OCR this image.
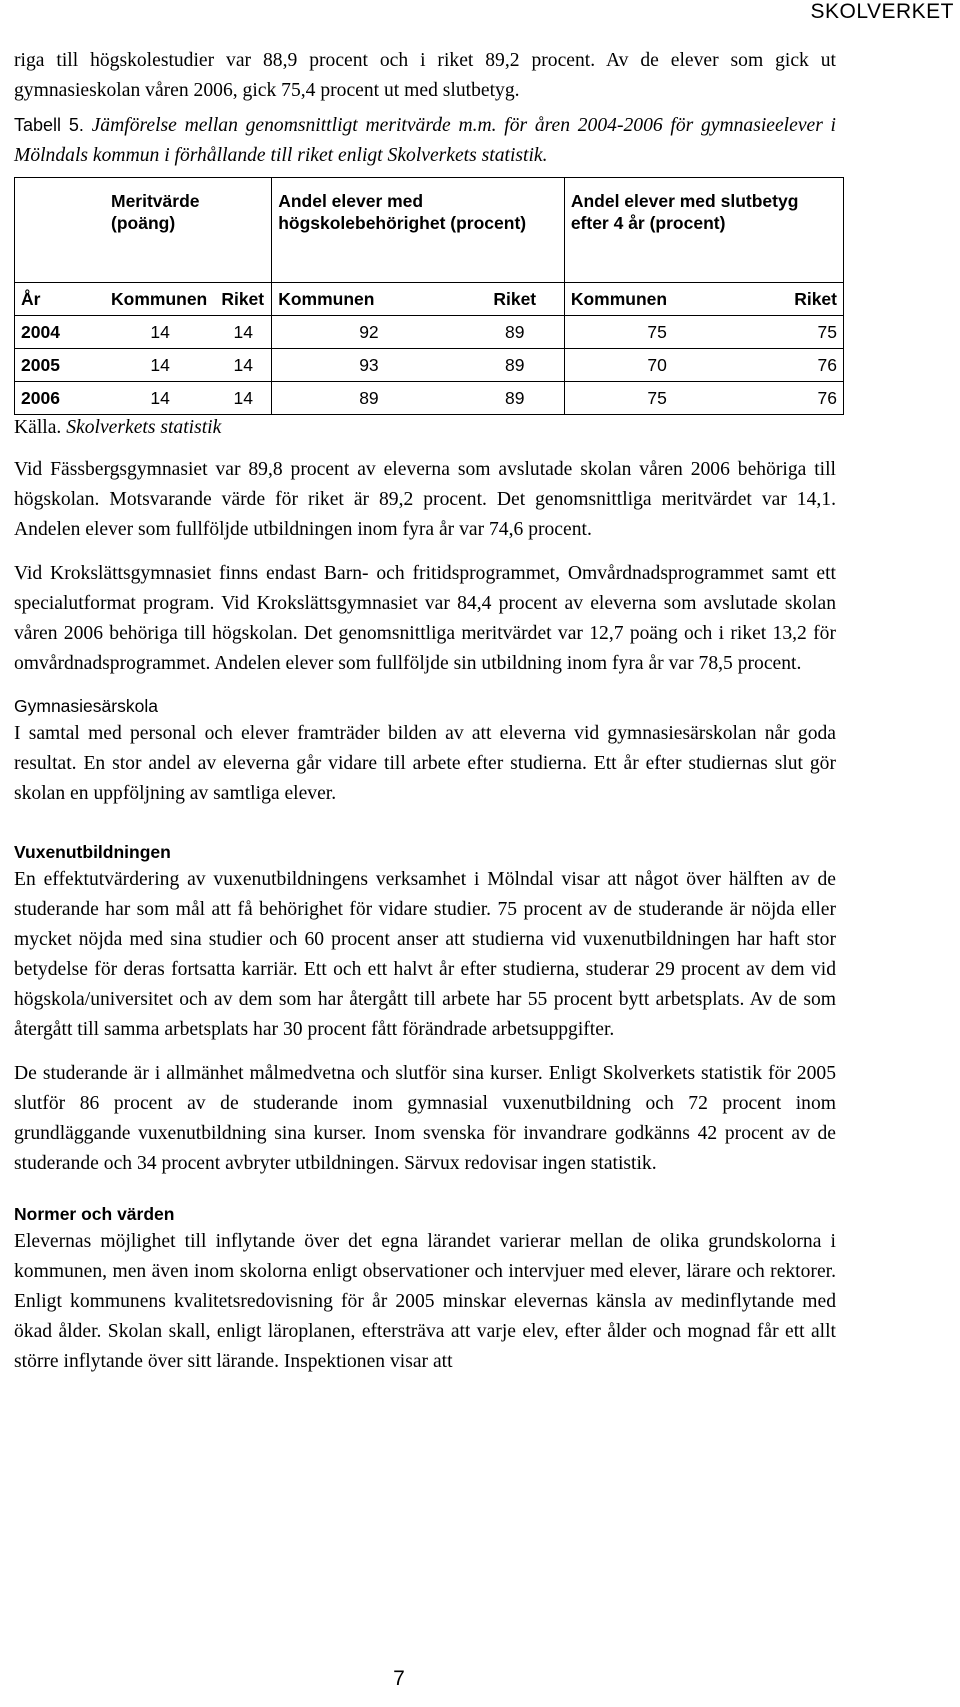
SKOLVERKET

riga till högskolestudier var 88,9 procent och i riket 89,2 procent. Av de elever som gick ut gymnasieskolan våren 2006, gick 75,4 procent ut med slutbetyg.

Tabell 5. Jämförelse mellan genomsnittligt meritvärde m.m. för åren 2004-2006 för gymnasieelever i Mölndals kommun i förhållande till riket enligt Skolverkets statistik.

	Meritvärde (poäng)		Andel elever med högskolebehörighet (procent)		Andel elever med slutbetyg efter 4 år (procent)	
År	Kommunen	Riket	Kommunen	Riket	Kommunen	Riket
2004	14	14	92	89	75	75
2005	14	14	93	89	70	76
2006	14	14	89	89	75	76
Källa. Skolverkets statistik

Vid Fässbergsgymnasiet var 89,8 procent av eleverna som avslutade skolan våren 2006 behöriga till högskolan. Motsvarande värde för riket är 89,2 procent. Det genomsnittliga meritvärdet var 14,1. Andelen elever som fullföljde utbildningen inom fyra år var 74,6 procent.

Vid Krokslättsgymnasiet finns endast Barn- och fritidsprogrammet, Omvårdnadsprogrammet samt ett specialutformat program. Vid Krokslättsgymnasiet var 84,4 procent av eleverna som avslutade skolan våren 2006 behöriga till högskolan. Det genomsnittliga meritvärdet var 12,7 poäng och i riket 13,2 för omvårdnadsprogrammet. Andelen elever som fullföljde sin utbildning inom fyra år var 78,5 procent.

Gymnasiesärskola

I samtal med personal och elever framträder bilden av att eleverna vid gymnasiesärskolan når goda resultat. En stor andel av eleverna går vidare till arbete efter studierna. Ett år efter studiernas slut gör skolan en uppföljning av samtliga elever.

Vuxenutbildningen

En effektutvärdering av vuxenutbildningens verksamhet i Mölndal visar att något över hälften av de studerande har som mål att få behörighet för vidare studier. 75 procent av de studerande är nöjda eller mycket nöjda med sina studier och 60 procent anser att studierna vid vuxenutbildningen har haft stor betydelse för deras fortsatta karriär. Ett och ett halvt år efter studierna, studerar 29 procent av dem vid högskola/universitet och av dem som har återgått till arbete har 55 procent bytt arbetsplats. Av de som återgått till samma arbetsplats har 30 procent fått förändrade arbetsuppgifter.

De studerande är i allmänhet målmedvetna och slutför sina kurser. Enligt Skolverkets statistik för 2005 slutför 86 procent av de studerande inom gymnasial vuxenutbildning och 72 procent inom grundläggande vuxenutbildning sina kurser. Inom svenska för invandrare godkänns 42 procent av de studerande och 34 procent avbryter utbildningen. Särvux redovisar ingen statistik.

Normer och värden

Elevernas möjlighet till inflytande över det egna lärandet varierar mellan de olika grundskolorna i kommunen, men även inom skolorna enligt observationer och intervjuer med elever, lärare och rektorer. Enligt kommunens kvalitetsredovisning för år 2005 minskar elevernas känsla av medinflytande med ökad ålder. Skolan skall, enligt läroplanen, eftersträva att varje elev, efter ålder och mognad får ett allt större inflytande över sitt lärande. Inspektionen visar att

7
